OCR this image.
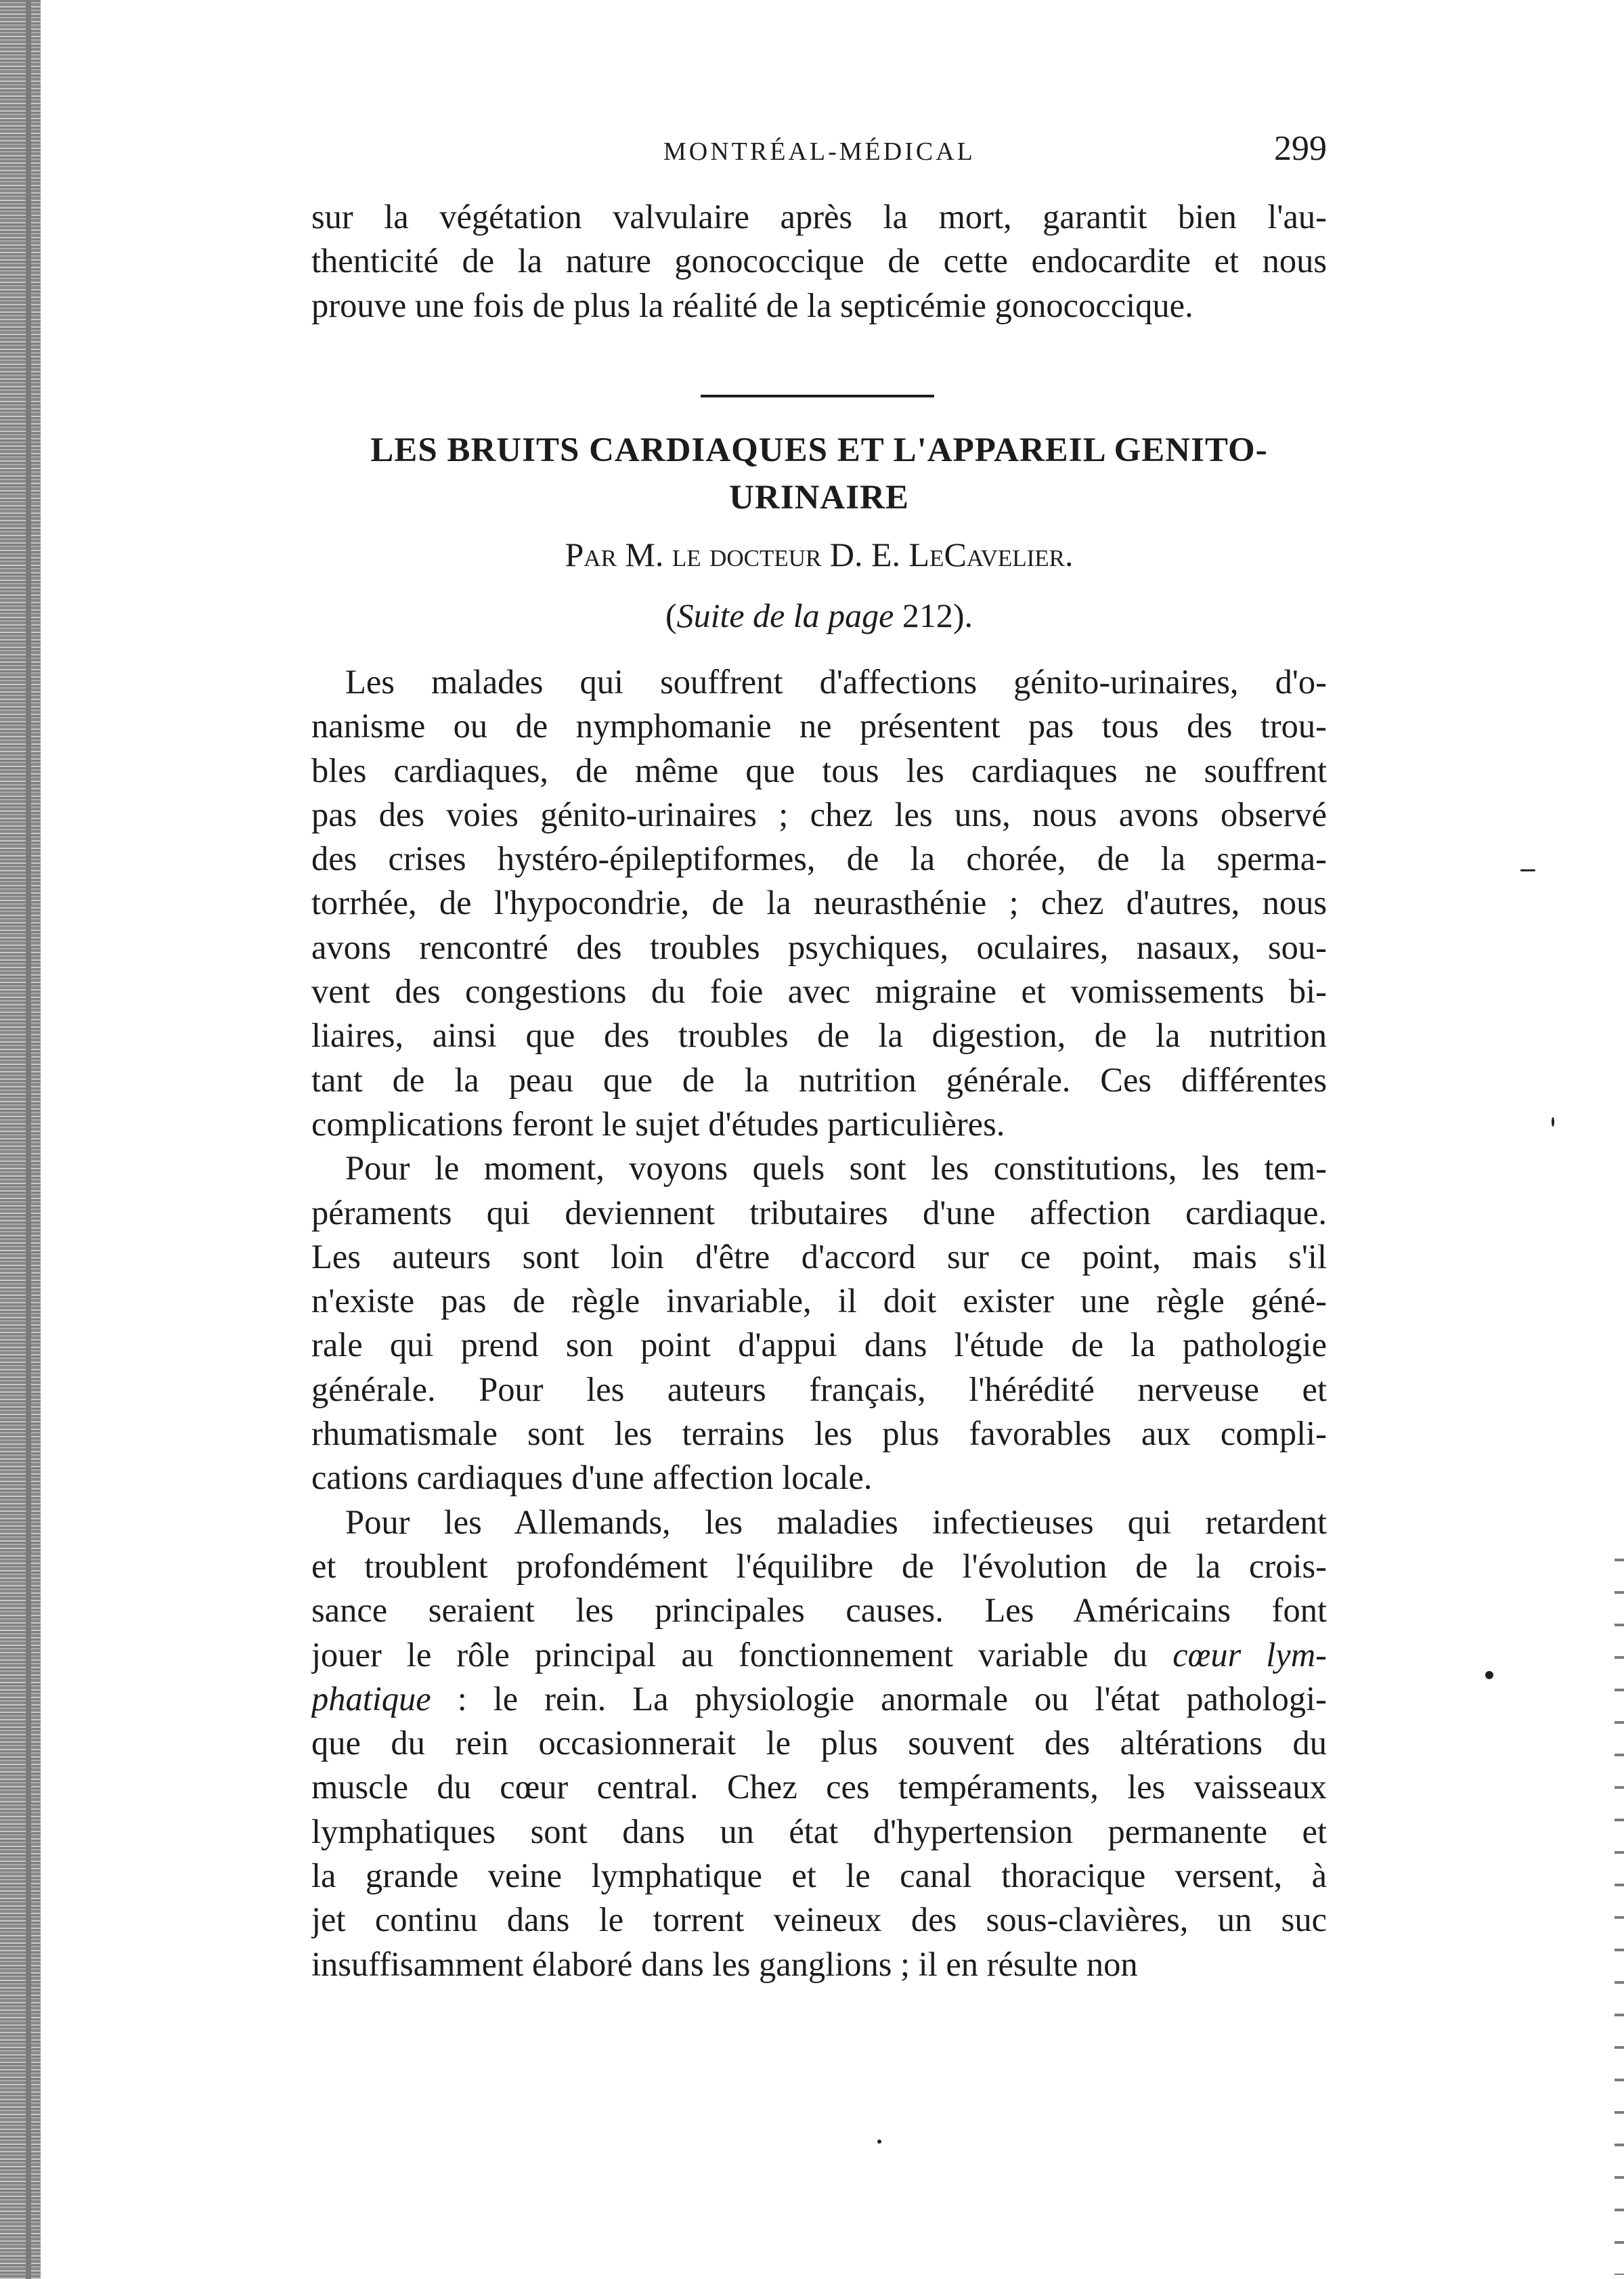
MONTRÉAL-MÉDICAL	299
sur la végétation valvulaire après la mort, garantit bien l'au-
thenticité de la nature gonococcique de cette endocardite et nous
prouve une fois de plus la réalité de la septicémie gonococcique.
LES BRUITS CARDIAQUES ET L'APPAREIL GENITO-
URINAIRE
Par M. le docteur D. E. LeCavelier.
(Suite de la page 212).
Les malades qui souffrent d'affections génito-urinaires, d'o-
nanisme ou de nymphomanie ne présentent pas tous des trou-
bles cardiaques, de même que tous les cardiaques ne souffrent
pas des voies génito-urinaires ; chez les uns, nous avons observé
des crises hystéro-épileptiformes, de la chorée, de la sperma-
torrhée, de l'hypocondrie, de la neurasthénie ; chez d'autres, nous
avons rencontré des troubles psychiques, oculaires, nasaux, sou-
vent des congestions du foie avec migraine et vomissements bi-
liaires, ainsi que des troubles de la digestion, de la nutrition
tant de la peau que de la nutrition générale. Ces différentes
complications feront le sujet d'études particulières.
Pour le moment, voyons quels sont les constitutions, les tem-
péraments qui deviennent tributaires d'une affection cardiaque.
Les auteurs sont loin d'être d'accord sur ce point, mais s'il
n'existe pas de règle invariable, il doit exister une règle géné-
rale qui prend son point d'appui dans l'étude de la pathologie
générale. Pour les auteurs français, l'hérédité nerveuse et
rhumatismale sont les terrains les plus favorables aux compli-
cations cardiaques d'une affection locale.
Pour les Allemands, les maladies infectieuses qui retardent
et troublent profondément l'équilibre de l'évolution de la crois-
sance seraient les principales causes. Les Américains font
jouer le rôle principal au fonctionnement variable du cœur lym-
phatique : le rein. La physiologie anormale ou l'état pathologi-
que du rein occasionnerait le plus souvent des altérations du
muscle du cœur central. Chez ces tempéraments, les vaisseaux
lymphatiques sont dans un état d'hypertension permanente et
la grande veine lymphatique et le canal thoracique versent, à
jet continu dans le torrent veineux des sous-clavières, un suc
insuffisamment élaboré dans les ganglions ; il en résulte non
